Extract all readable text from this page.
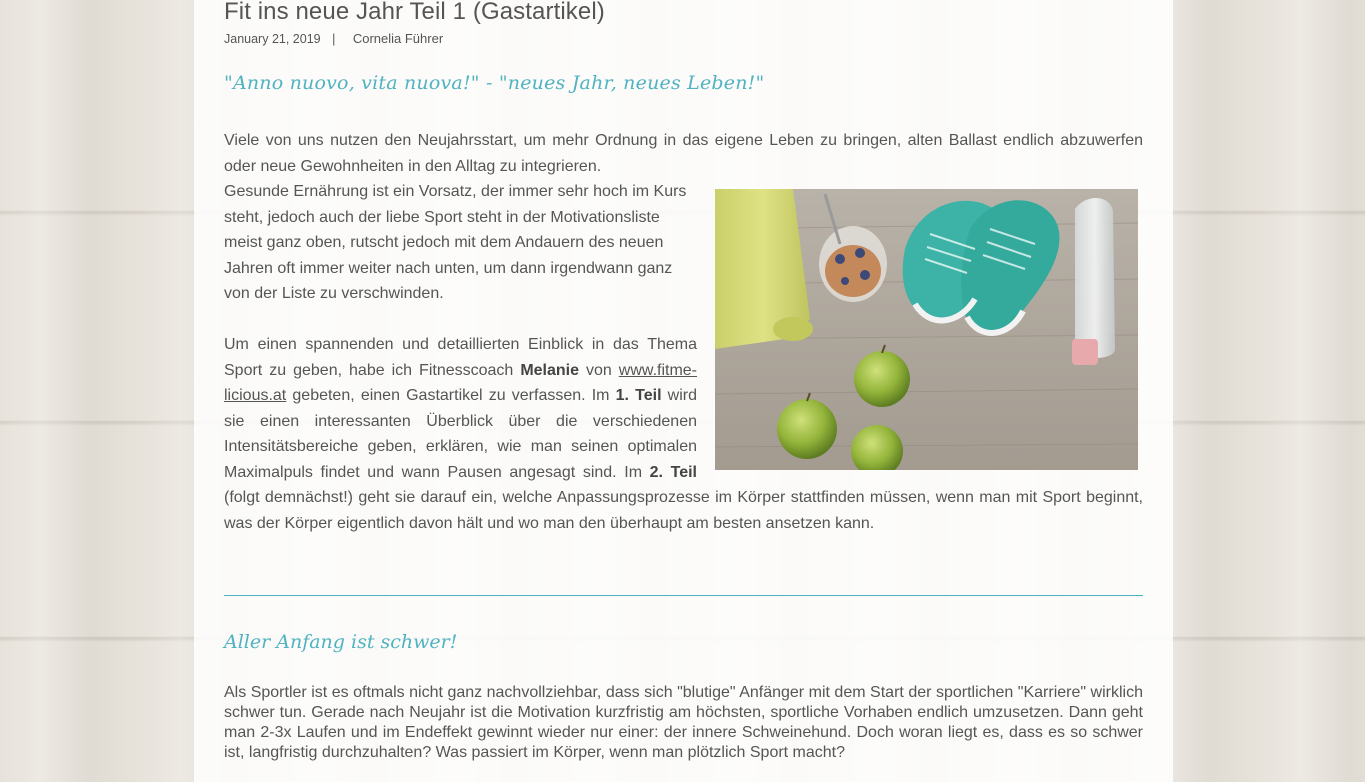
Fit ins neue Jahr Teil 1 (Gastartikel)
January 21, 2019 | Cornelia Führer
"Anno nuovo, vita nuova!" - "neues Jahr, neues Leben!"

Viele von uns nutzen den Neujahrsstart, um mehr Ordnung in das eigene Leben zu bringen, alten Ballast endlich abzuwerfen oder neue Gewohnheiten in den Alltag zu integrieren.

Gesunde Ernährung ist ein Vorsatz, der immer sehr hoch im Kurs steht, jedoch auch der liebe Sport steht in der Motivationsliste meist ganz oben, rutscht jedoch mit dem Andauern des neuen Jahren oft immer weiter nach unten, um dann irgendwann ganz von der Liste zu verschwinden.

Um einen spannenden und detaillierten Einblick in das Thema Sport zu geben, habe ich Fitnesscoach Melanie von www.fitme-licious.at gebeten, einen Gastartikel zu verfassen. Im 1. Teil wird sie einen interessanten Überblick über die verschiedenen Intensitätsbereiche geben, erklären, wie man seinen optimalen Maximalpuls findet und wann Pausen angesagt sind. Im 2. Teil (folgt demnächst!) geht sie darauf ein, welche Anpassungsprozesse im Körper stattfinden müssen, wenn man mit Sport beginnt, was der Körper eigentlich davon hält und wo man den überhaupt am besten ansetzen kann.

Aller Anfang ist schwer!

Als Sportler ist es oftmals nicht ganz nachvollziehbar, dass sich "blutige" Anfänger mit dem Start der sportlichen "Karriere" wirklich schwer tun. Gerade nach Neujahr ist die Motivation kurzfristig am höchsten, sportliche Vorhaben endlich umzusetzen. Dann geht man 2-3x Laufen und im Endeffekt gewinnt wieder nur einer: der innere Schweinehund. Doch woran liegt es, dass es so schwer ist, langfristig durchzuhalten? Was passiert im Körper, wenn man plötzlich Sport macht?
